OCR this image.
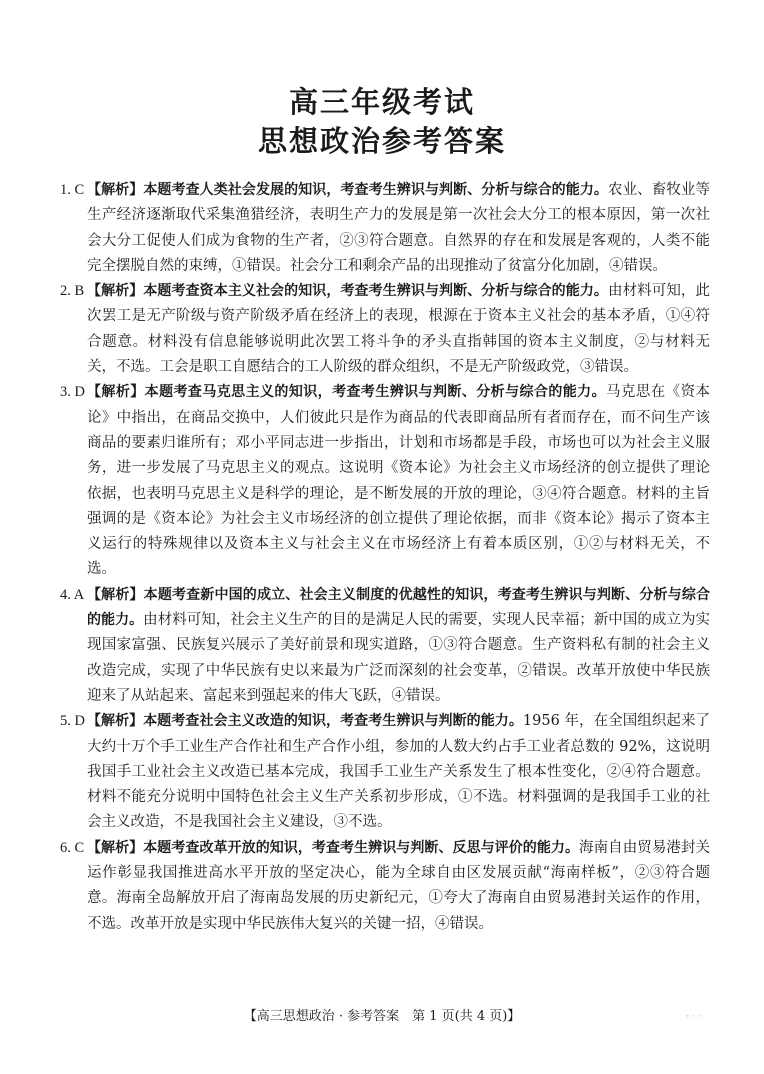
高三年级考试
思想政治参考答案
1. C 【解析】本题考查人类社会发展的知识，考查考生辨识与判断、分析与综合的能力。农业、畜牧业等生产经济逐渐取代采集渔猎经济，表明生产力的发展是第一次社会大分工的根本原因，第一次社会大分工促使人们成为食物的生产者，②③符合题意。自然界的存在和发展是客观的，人类不能完全摆脱自然的束缚，①错误。社会分工和剩余产品的出现推动了贫富分化加剧，④错误。
2. B 【解析】本题考查资本主义社会的知识，考查考生辨识与判断、分析与综合的能力。由材料可知，此次罢工是无产阶级与资产阶级矛盾在经济上的表现，根源在于资本主义社会的基本矛盾，①④符合题意。材料没有信息能够说明此次罢工将斗争的矛头直指韩国的资本主义制度，②与材料无关，不选。工会是职工自愿结合的工人阶级的群众组织，不是无产阶级政党，③错误。
3. D 【解析】本题考查马克思主义的知识，考查考生辨识与判断、分析与综合的能力。马克思在《资本论》中指出，在商品交换中，人们彼此只是作为商品的代表即商品所有者而存在，而不问生产该商品的要素归谁所有；邓小平同志进一步指出，计划和市场都是手段，市场也可以为社会主义服务，进一步发展了马克思主义的观点。这说明《资本论》为社会主义市场经济的创立提供了理论依据，也表明马克思主义是科学的理论，是不断发展的开放的理论，③④符合题意。材料的主旨强调的是《资本论》为社会主义市场经济的创立提供了理论依据，而非《资本论》揭示了资本主义运行的特殊规律以及资本主义与社会主义在市场经济上有着本质区别，①②与材料无关，不选。
4. A 【解析】本题考查新中国的成立、社会主义制度的优越性的知识，考查考生辨识与判断、分析与综合的能力。由材料可知，社会主义生产的目的是满足人民的需要，实现人民幸福；新中国的成立为实现国家富强、民族复兴展示了美好前景和现实道路，①③符合题意。生产资料私有制的社会主义改造完成，实现了中华民族有史以来最为广泛而深刻的社会变革，②错误。改革开放使中华民族迎来了从站起来、富起来到强起来的伟大飞跃，④错误。
5. D 【解析】本题考查社会主义改造的知识，考查考生辨识与判断的能力。1956 年，在全国组织起来了大约十万个手工业生产合作社和生产合作小组，参加的人数大约占手工业者总数的 92%，这说明我国手工业社会主义改造已基本完成，我国手工业生产关系发生了根本性变化，②④符合题意。材料不能充分说明中国特色社会主义生产关系初步形成，①不选。材料强调的是我国手工业的社会主义改造，不是我国社会主义建设，③不选。
6. C 【解析】本题考查改革开放的知识，考查考生辨识与判断、反思与评价的能力。海南自由贸易港封关运作彰显我国推进高水平开放的坚定决心，能为全球自由区发展贡献“海南样板”，②③符合题意。海南全岛解放开启了海南岛发展的历史新纪元，①夸大了海南自由贸易港封关运作的作用，不选。改革开放是实现中华民族伟大复兴的关键一招，④错误。
【高三思想政治 · 参考答案　第 1 页(共 4 页)】	· · ·
